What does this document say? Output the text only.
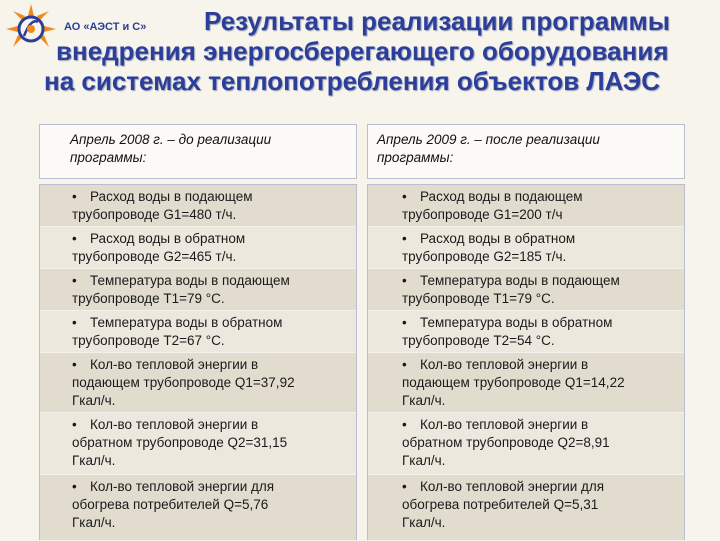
АО «АЭСТ и С»	Результаты реализации программы
внедрения энергосберегающего оборудования
на системах теплопотребления объектов ЛАЭС
Апрель 2008 г. – до реализации программы:
• Расход воды в подающем
трубопроводе G1=480 т/ч.
• Расход воды в обратном
трубопроводе G2=465 т/ч.
• Температура воды в подающем
трубопроводе Т1=79 °С.
• Температура воды в обратном
трубопроводе Т2=67 °С.
• Кол-во тепловой энергии в
подающем трубопроводе Q1=37,92
Гкал/ч.
• Кол-во тепловой энергии в
обратном трубопроводе Q2=31,15
Гкал/ч.
• Кол-во тепловой энергии для
обогрева потребителей Q=5,76
Гкал/ч.
Апрель 2009 г. – после реализации программы:
• Расход воды в подающем
трубопроводе G1=200 т/ч
• Расход воды в обратном
трубопроводе G2=185 т/ч.
• Температура воды в подающем
трубопроводе Т1=79 °С.
• Температура воды в обратном
трубопроводе Т2=54 °С.
• Кол-во тепловой энергии в
подающем трубопроводе Q1=14,22
Гкал/ч.
• Кол-во тепловой энергии в
обратном трубопроводе Q2=8,91
Гкал/ч.
• Кол-во тепловой энергии для
обогрева потребителей Q=5,31
Гкал/ч.
